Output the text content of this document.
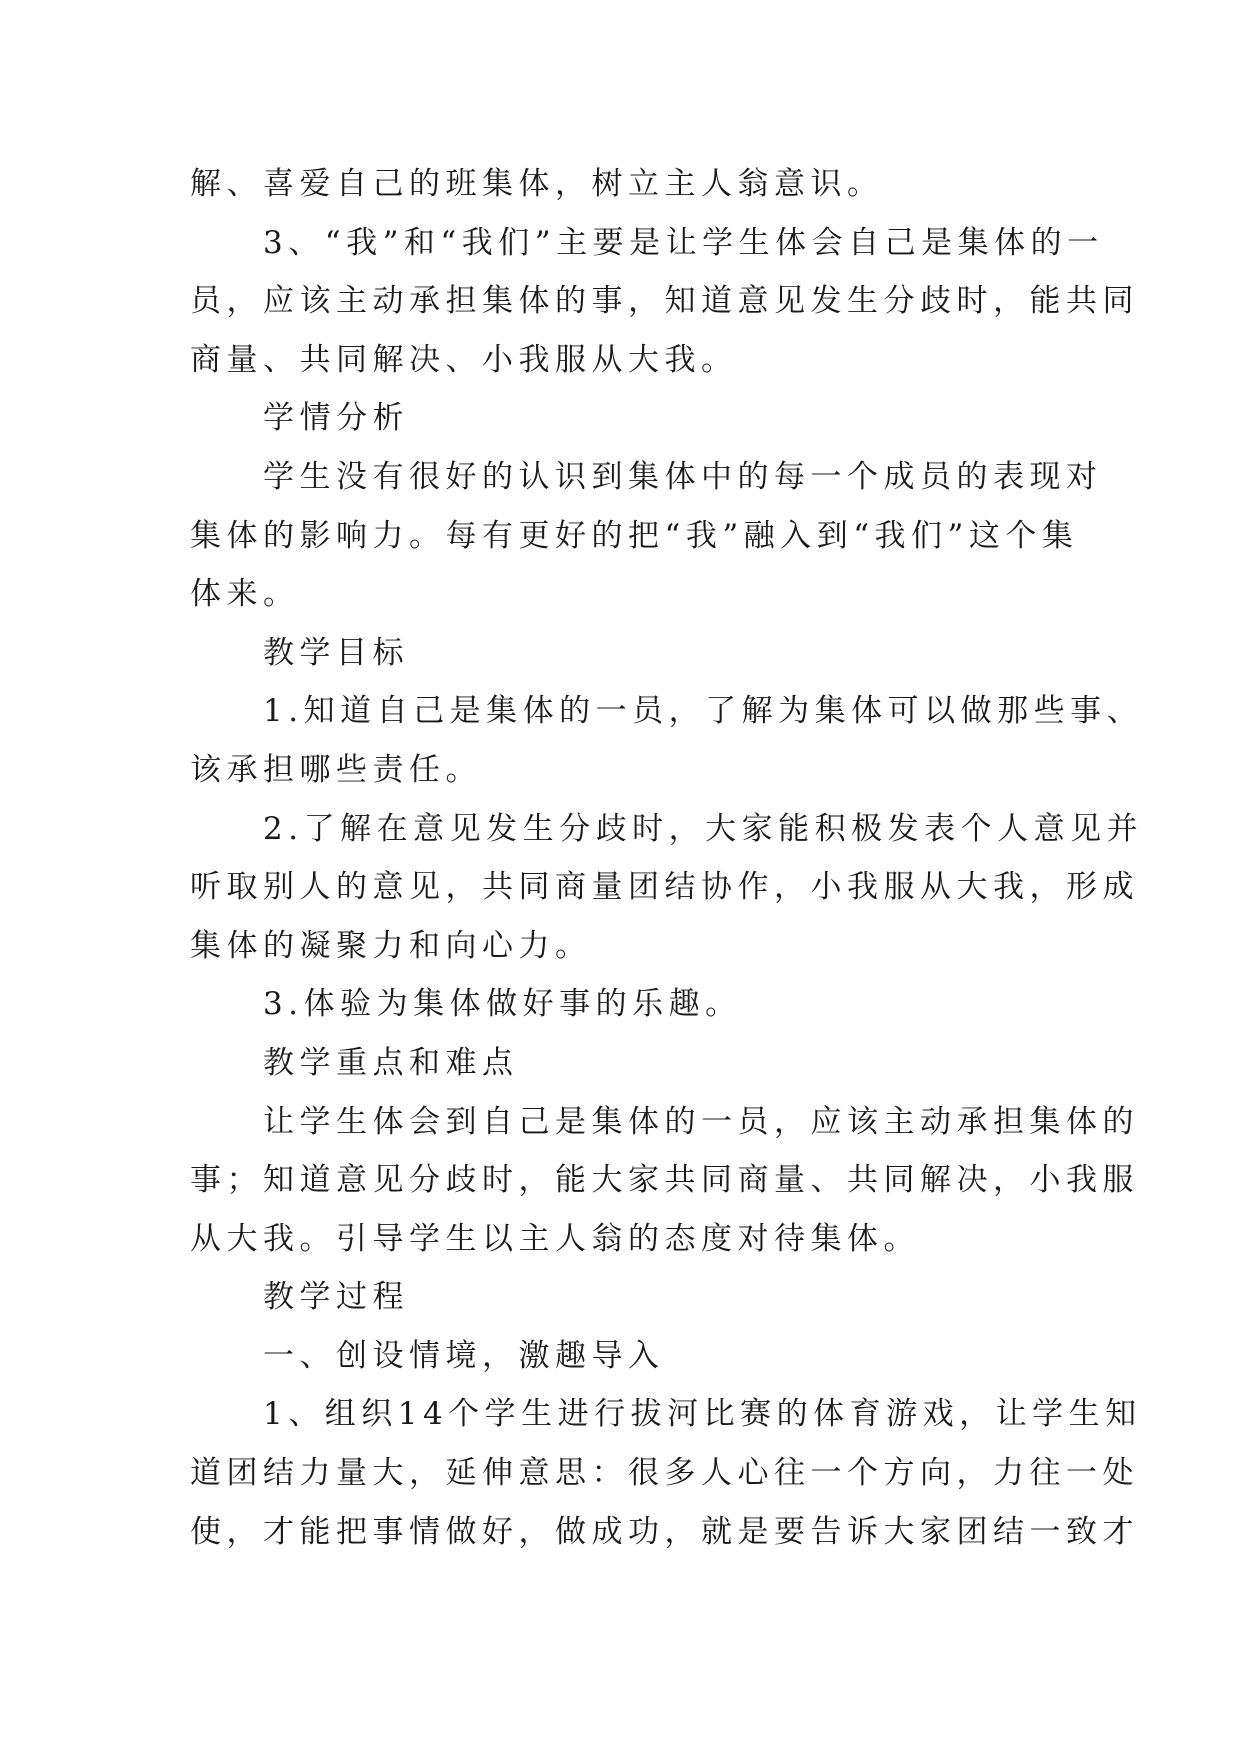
解、喜爱自己的班集体，树立主人翁意识。

　　3、“我”和“我们”主要是让学生体会自己是集体的一

员，应该主动承担集体的事，知道意见发生分歧时，能共同

商量、共同解决、小我服从大我。

　　学情分析

　　学生没有很好的认识到集体中的每一个成员的表现对

集体的影响力。每有更好的把“我”融入到“我们”这个集

体来。

　　教学目标

　　1.知道自己是集体的一员，了解为集体可以做那些事、

该承担哪些责任。

　　2.了解在意见发生分歧时，大家能积极发表个人意见并

听取别人的意见，共同商量团结协作，小我服从大我，形成

集体的凝聚力和向心力。

　　3.体验为集体做好事的乐趣。

　　教学重点和难点

　　让学生体会到自己是集体的一员，应该主动承担集体的

事；知道意见分歧时，能大家共同商量、共同解决，小我服

从大我。引导学生以主人翁的态度对待集体。

　　教学过程

　　一、创设情境，激趣导入

　　1、组织14个学生进行拔河比赛的体育游戏，让学生知

道团结力量大，延伸意思：很多人心往一个方向，力往一处

使，才能把事情做好，做成功，就是要告诉大家团结一致才
